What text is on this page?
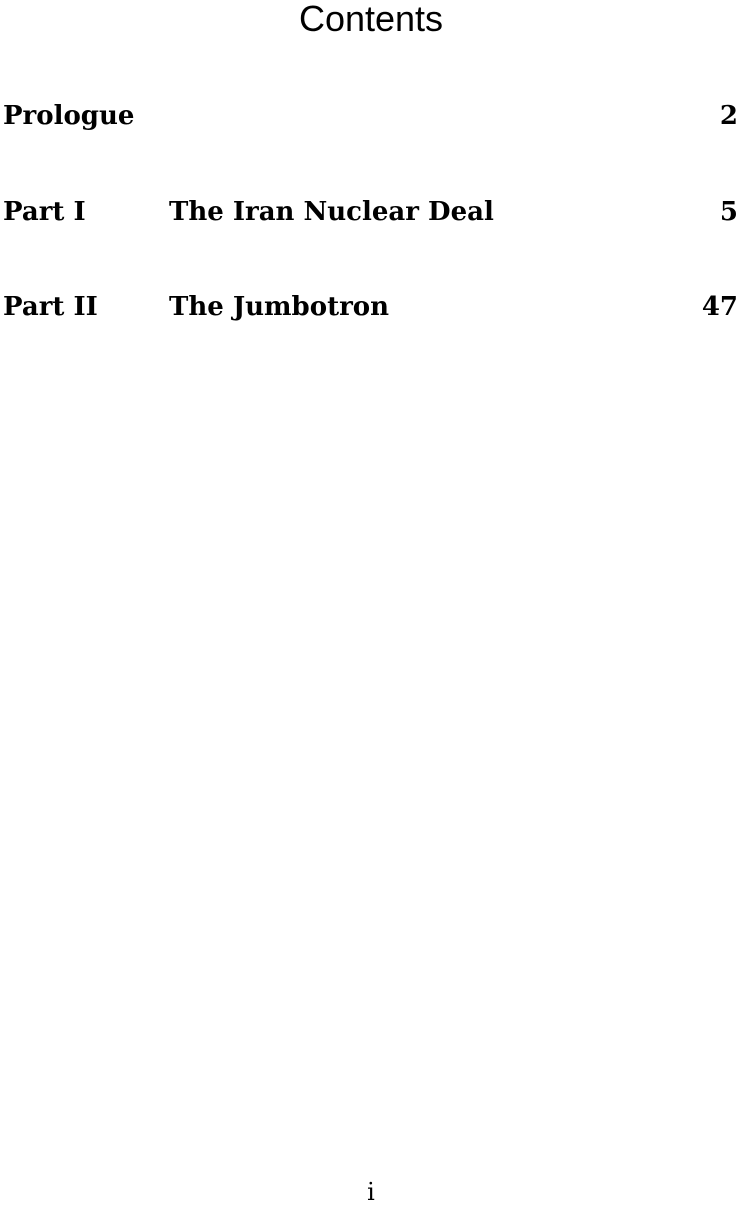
Contents
Prologue	2
Part I	The Iran Nuclear Deal	5
Part II	The Jumbotron	47
i
